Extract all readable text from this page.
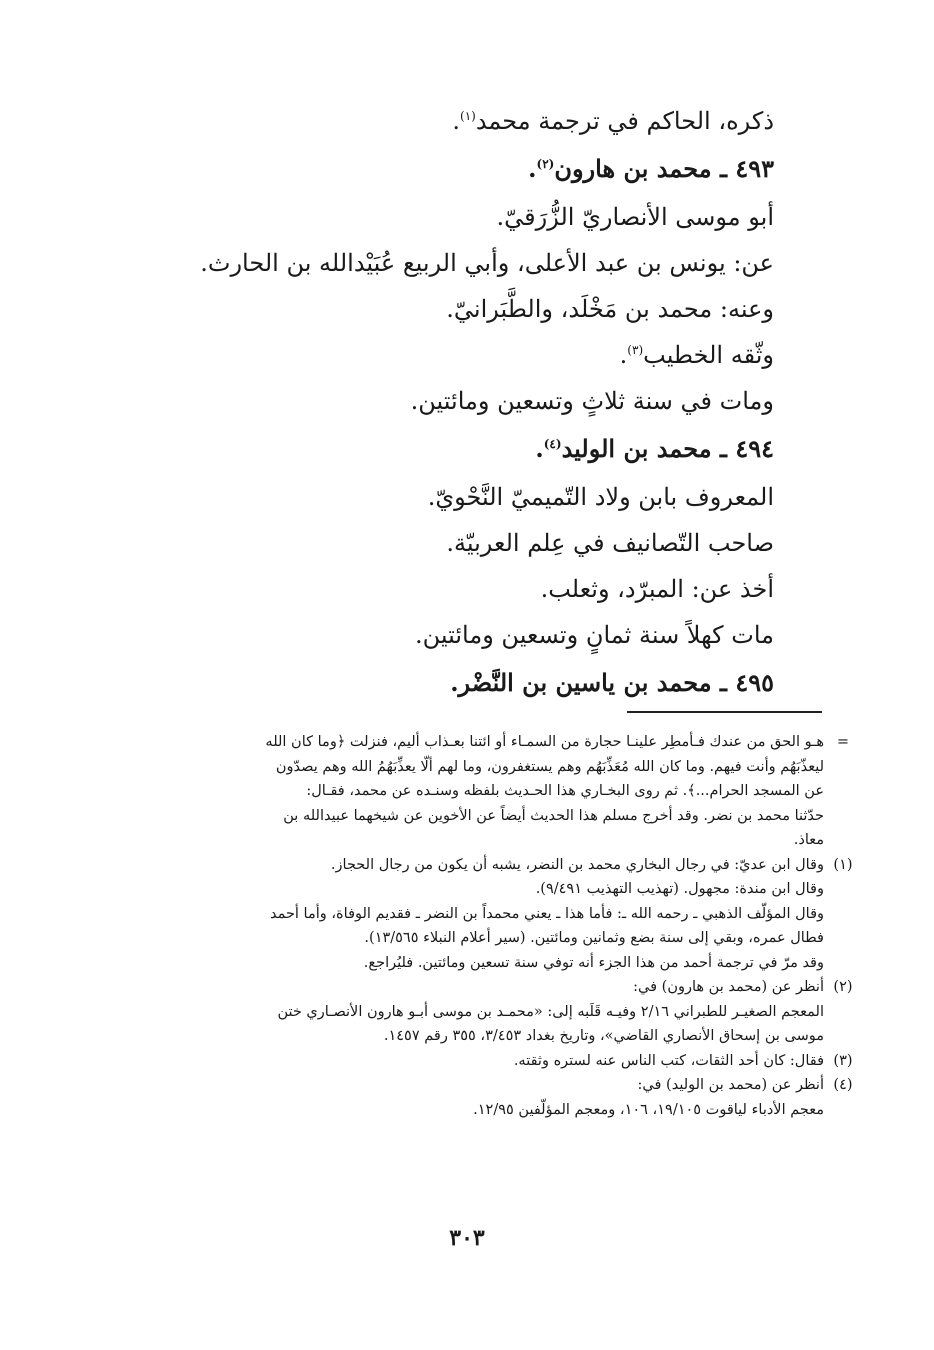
ذكره، الحاكم في ترجمة محمد$^{(١)}$.
٤٩٣ ـ محمد بن هارون$^{(٢)}$.
أبو موسى الأنصاريّ الزُّرَقيّ.
عن: يونس بن عبد الأعلى، وأبي الربيع عُبَيْدالله بن الحارث.
وعنه: محمد بن مَخْلَد، والطَّبَرانيّ.
وثّقه الخطيب$^{(٣)}$.
ومات في سنة ثلاثٍ وتسعين ومائتين.
٤٩٤ ـ محمد بن الوليد$^{(٤)}$.
المعروف بابن ولاد التّميميّ النَّحْويّ.
صاحب التّصانيف في عِلم العربيّة.
أخذ عن: المبرّد، وثعلب.
مات كهلاً سنة ثمانٍ وتسعين ومائتين.
٤٩٥ ـ محمد بن ياسين بن النَّضْر.
=
هـو الحق من عندك فـأمطِر علينـا حجارة من السمـاء أو ائتنا بعـذاب أليم، فنزلت ﴿وما كان الله
ليعذّبَهُم وأنت فيهم. وما كان الله مُعَذِّبَهُم وهم يستغفرون، وما لهم ألّا يعذِّبَهُمُ الله وهم يصدّون
عن المسجد الحرام...﴾. ثم روى البخـاري هذا الحـديث بلفظه وسنـده عن محمد، فقـال:
حدّثنا محمد بن نضر. وقد أخرج مسلم هذا الحديث أيضاً عن الأخوين عن شيخهما عبيدالله بن
معاذ.
(١)
وقال ابن عديّ: في رجال البخاري محمد بن النضر، يشبه أن يكون من رجال الحجاز.
وقال ابن مندة: مجهول. (تهذيب التهذيب ٩/٤٩١).
وقال المؤلّف الذهبي ـ رحمه الله ـ: فأما هذا ـ يعني محمداً بن النضر ـ فقديم الوفاة، وأما أحمد
فطال عمره، وبقي إلى سنة بضع وثمانين ومائتين. (سير أعلام النبلاء ١٣/٥٦٥).
وقد مرّ في ترجمة أحمد من هذا الجزء أنه توفي سنة تسعين ومائتين. فليُراجع.
(٢)
أنظر عن (محمد بن هارون) في:
المعجم الصغيـر للطبراني ٢/١٦ وفيـه قَلَبه إلى: «محمـد بن موسى أبـو هارون الأنصـاري ختن
موسى بن إسحاق الأنصاري القاضي»، وتاريخ بغداد ٣/٤٥٣، ٣٥٥ رقم ١٤٥٧.
(٣)
فقال: كان أحد الثقات، كتب الناس عنه لستره وثقته.
(٤)
أنظر عن (محمد بن الوليد) في:
معجم الأدباء لياقوت ١٩/١٠٥، ١٠٦، ومعجم المؤلّفين ١٢/٩٥.
٣٠٣
